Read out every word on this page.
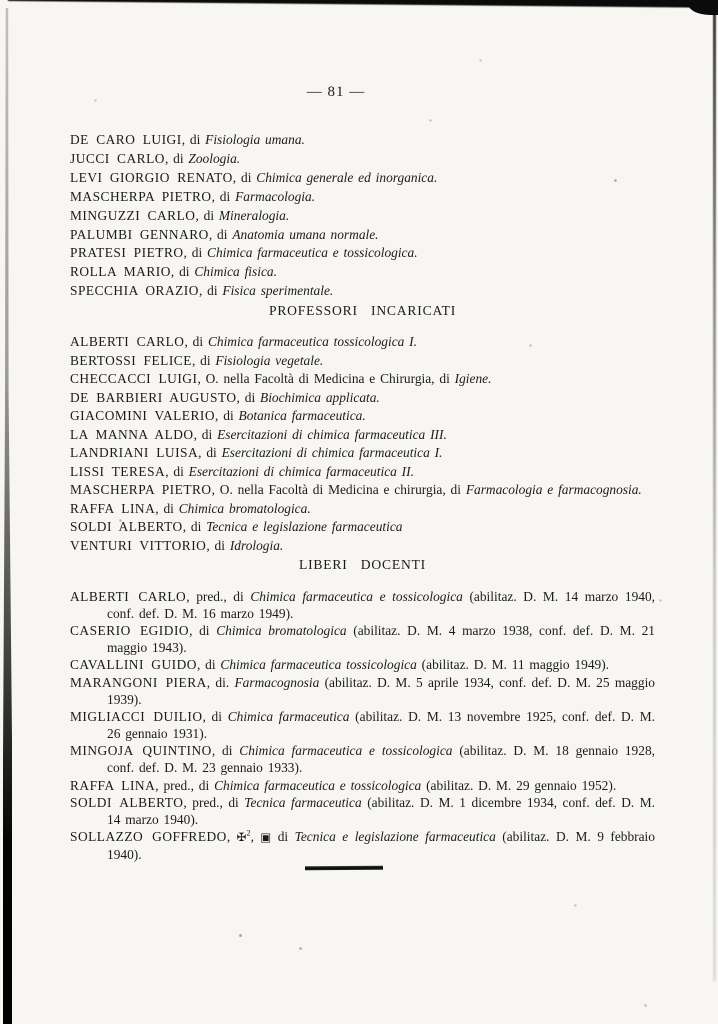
— 81 —
DE CARO LUIGI, di Fisiologia umana.
JUCCI CARLO, di Zoologia.
LEVI GIORGIO RENATO, di Chimica generale ed inorganica.
MASCHERPA PIETRO, di Farmacologia.
MINGUZZI CARLO, di Mineralogia.
PALUMBI GENNARO, di Anatomia umana normale.
PRATESI PIETRO, di Chimica farmaceutica e tossicologica.
ROLLA MARIO, di Chimica fisica.
SPECCHIA ORAZIO, di Fisica sperimentale.
PROFESSORI INCARICATI
ALBERTI CARLO, di Chimica farmaceutica tossicologica I.
BERTOSSI FELICE, di Fisiologia vegetale.
CHECCACCI LUIGI, O. nella Facoltà di Medicina e Chirurgia, di Igiene.
DE BARBIERI AUGUSTO, di Biochimica applicata.
GIACOMINI VALERIO, di Botanica farmaceutica.
LA MANNA ALDO, di Esercitazioni di chimica farmaceutica III.
LANDRIANI LUISA, di Esercitazioni di chimica farmaceutica I.
LISSI TERESA, di Esercitazioni di chimica farmaceutica II.
MASCHERPA PIETRO, O. nella Facoltà di Medicina e chirurgia, di Farmacologia e farmacognosia.
RAFFA LINA, di Chimica bromatologica.
SOLDI ALBERTO, di Tecnica e legislazione farmaceutica
VENTURI VITTORIO, di Idrologia.
LIBERI DOCENTI
ALBERTI CARLO, pred., di Chimica farmaceutica e tossicologica (abilitaz. D. M. 14 marzo 1940, conf. def. D. M. 16 marzo 1949).
CASERIO EGIDIO, di Chimica bromatologica (abilitaz. D. M. 4 marzo 1938, conf. def. D. M. 21 maggio 1943).
CAVALLINI GUIDO, di Chimica farmaceutica tossicologica (abilitaz. D. M. 11 maggio 1949).
MARANGONI PIERA, di. Farmacognosia (abilitaz. D. M. 5 aprile 1934, conf. def. D. M. 25 maggio 1939).
MIGLIACCI DUILIO, di Chimica farmaceutica (abilitaz. D. M. 13 novembre 1925, conf. def. D. M. 26 gennaio 1931).
MINGOJA QUINTINO, di Chimica farmaceutica e tossicologica (abilitaz. D. M. 18 gennaio 1928, conf. def. D. M. 23 gennaio 1933).
RAFFA LINA, pred., di Chimica farmaceutica e tossicologica (abilitaz. D. M. 29 gennaio 1952).
SOLDI ALBERTO, pred., di Tecnica farmaceutica (abilitaz. D. M. 1 dicembre 1934, conf. def. D. M. 14 marzo 1940).
SOLLAZZO GOFFREDO, ✠$^2$, ▣ di Tecnica e legislazione farmaceutica (abilitaz. D. M. 9 febbraio 1940).
